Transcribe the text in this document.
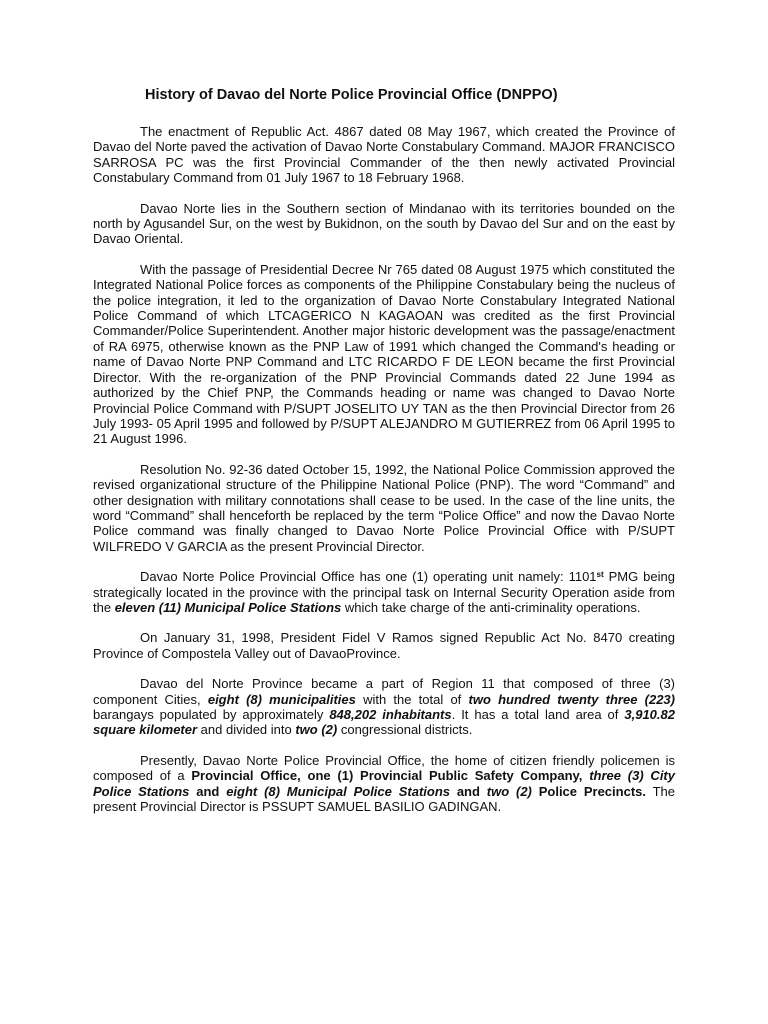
History of Davao del Norte Police Provincial Office (DNPPO)

The enactment of Republic Act. 4867 dated 08 May 1967, which created the Province of Davao del Norte paved the activation of Davao Norte Constabulary Command. MAJOR FRANCISCO SARROSA PC was the first Provincial Commander of the then newly activated Provincial Constabulary Command from 01 July 1967 to 18 February 1968.

Davao Norte lies in the Southern section of Mindanao with its territories bounded on the north by Agusandel Sur, on the west by Bukidnon, on the south by Davao del Sur and on the east by Davao Oriental.

With the passage of Presidential Decree Nr 765 dated 08 August 1975 which constituted the Integrated National Police forces as components of the Philippine Constabulary being the nucleus of the police integration, it led to the organization of Davao Norte Constabulary Integrated National Police Command of which LTCAGERICO N KAGAOAN was credited as the first Provincial Commander/Police Superintendent. Another major historic development was the passage/enactment of RA 6975, otherwise known as the PNP Law of 1991 which changed the Command's heading or name of Davao Norte PNP Command and LTC RICARDO F DE LEON became the first Provincial Director. With the re-organization of the PNP Provincial Commands dated 22 June 1994 as authorized by the Chief PNP, the Commands heading or name was changed to Davao Norte Provincial Police Command with P/SUPT JOSELITO UY TAN as the then Provincial Director from 26 July 1993- 05 April 1995 and followed by P/SUPT ALEJANDRO M GUTIERREZ from 06 April 1995 to 21 August 1996.

Resolution No. 92-36 dated October 15, 1992, the National Police Commission approved the revised organizational structure of the Philippine National Police (PNP). The word “Command” and other designation with military connotations shall cease to be used. In the case of the line units, the word “Command” shall henceforth be replaced by the term “Police Office” and now the Davao Norte Police command was finally changed to Davao Norte Police Provincial Office with P/SUPT WILFREDO V GARCIA as the present Provincial Director.

Davao Norte Police Provincial Office has one (1) operating unit namely: 1101st PMG being strategically located in the province with the principal task on Internal Security Operation aside from the eleven (11) Municipal Police Stations which take charge of the anti-criminality operations.

On January 31, 1998, President Fidel V Ramos signed Republic Act No. 8470 creating Province of Compostela Valley out of DavaoProvince.

Davao del Norte Province became a part of Region 11 that composed of three (3) component Cities, eight (8) municipalities with the total of two hundred twenty three (223) barangays populated by approximately 848,202 inhabitants. It has a total land area of 3,910.82 square kilometer and divided into two (2) congressional districts.

Presently, Davao Norte Police Provincial Office, the home of citizen friendly policemen is composed of a Provincial Office, one (1) Provincial Public Safety Company, three (3) City Police Stations and eight (8) Municipal Police Stations and two (2) Police Precincts. The present Provincial Director is PSSUPT SAMUEL BASILIO GADINGAN.
